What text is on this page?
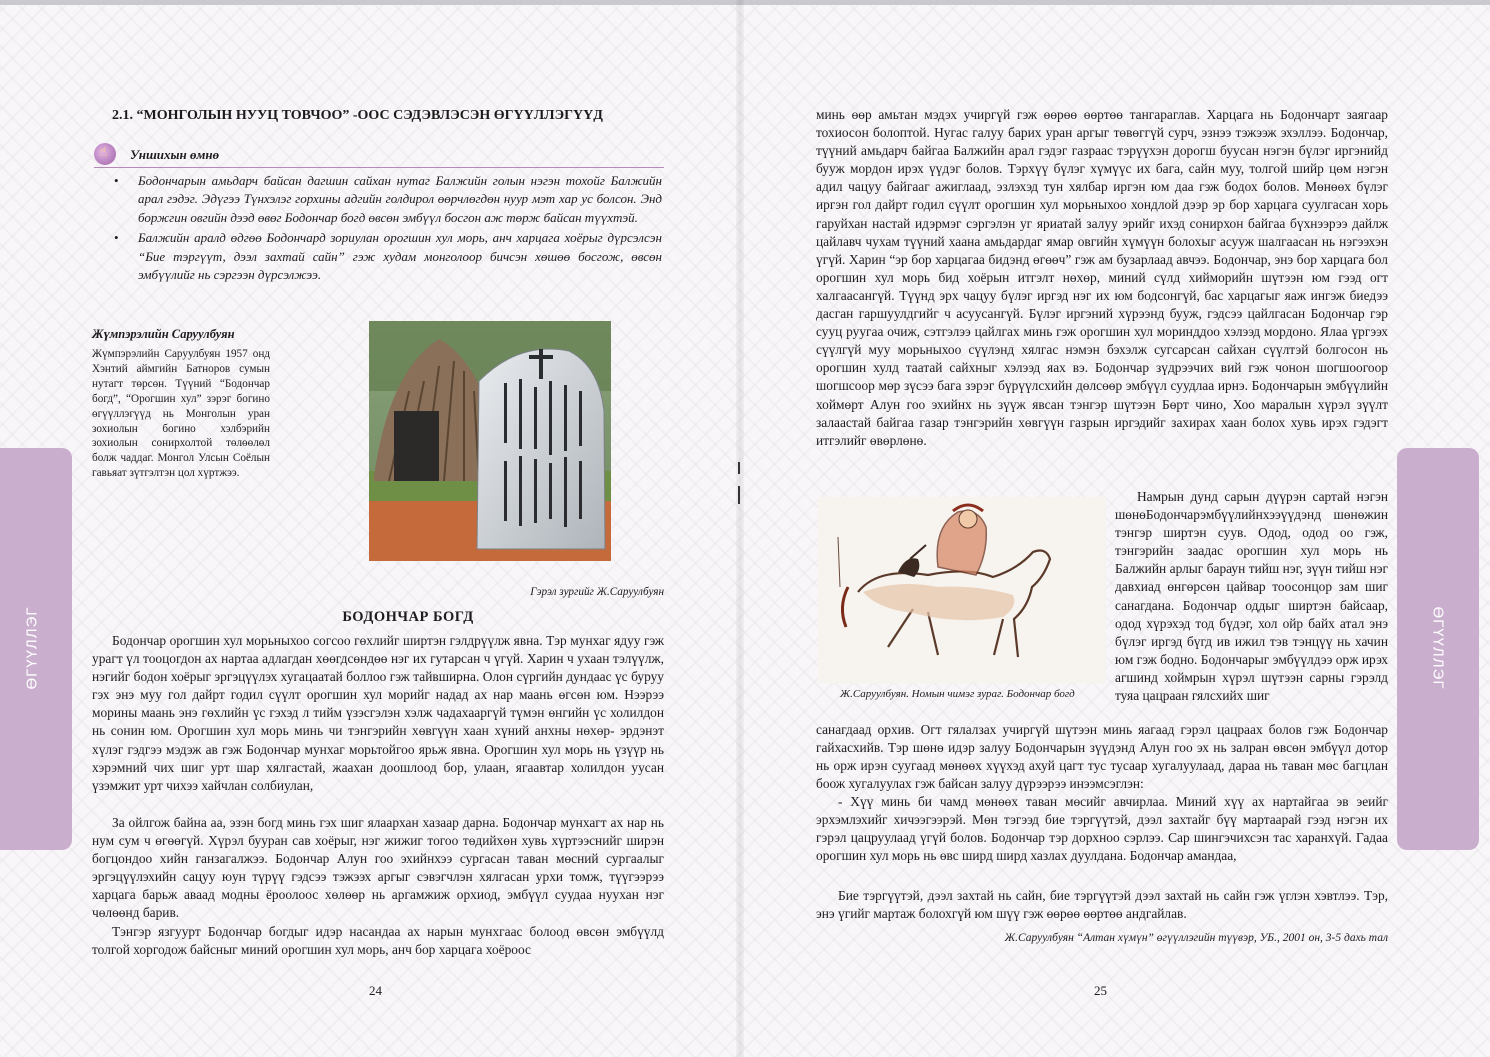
ӨГҮҮЛЛЭГ
2.1. “МОНГОЛЫН НУУЦ ТОВЧОО” -ООС СЭДЭВЛЭСЭН ӨГҮҮЛЛЭГҮҮД
☝
Уншихын өмнө
• Бодончарын амьдарч байсан дагшин сайхан нутаг Балжийн голын нэгэн тохойг Балжийн арал гэдэг. Эдүгээ Түнхэлэг горхины адгийн голдирол өөрчлөгдөн нуур мэт хар ус болсон. Энд боржгин овгийн дээд өвөг Бодончар богд өвсөн эмбүүл босгон аж төрж байсан түүхтэй.
• Балжийн аралд өдгөө Бодончард зориулан орогшин хул морь, анч харцага хоёрыг дүрсэлсэн “Бие тэргүүт, дээл захтай сайн” гэж худам монголоор бичсэн хөшөө босгож, өвсөн эмбүүлийг нь сэргээн дүрсэлжээ.
Жүмпэрэлийн Саруулбуян
Жүмпэрэлийн Саруулбуян 1957 онд Хэнтий аймгийн Батноров сумын нутагт төрсөн. Түүний “Бодончар богд”, “Орогшин хул” зэрэг богино өгүүллэгүүд нь Монголын уран зохиолын богино хэлбэрийн зохиолын сонирхолтой төлөөлөл болж чаддаг. Монгол Улсын Соёлын гавьяат зүтгэлтэн цол хүртжээ.
Гэрэл зургийг Ж.Саруулбуян
БОДОНЧАР БОГД

Бодончар орогшин хул морьныхоо согсоо гөхлийг ширтэн гэлдрүүлж явна. Тэр мунхаг ядуу гэж урагт үл тооцогдон ах нартаа адлагдан хөөгдсөндөө нэг их гутарсан ч үгүй. Харин ч ухаан тэлүүлж, нэгийг бодон хоёрыг эргэцүүлэх хугацаатай боллоо гэж тайвширна. Олон сүргийн дундаас үс буруу гэх энэ муу гол дайрт годил сүүлт орогшин хул морийг надад ах нар маань өгсөн юм. Нээрээ морины маань энэ гөхлийн үс гэхэд л тийм үзэсгэлэн хэлж чадахааргүй түмэн өнгийн үс холилдон нь сонин юм. Орогшин хул морь минь чи тэнгэрийн хөвгүүн хаан хүний анхны нөхөр- эрдэнэт хүлэг гэдгээ мэдэж ав гэж Бодончар мунхаг морьтойгоо ярьж явна. Орогшин хул морь нь үзүүр нь хэрэмний чих шиг урт шар хялгастай, жаахан доошлоод бор, улаан, ягаавтар холилдон уусан үзэмжит урт чихээ хайчлан солбиулан,

За ойлгож байна аа, эзэн богд минь гэх шиг ялаархан хазаар дарна. Бодончар мунхагт ах нар нь нум сум ч өгөөгүй. Хүрэл бууран сав хоёрыг, нэг жижиг тогоо төдийхөн хувь хүртээснийг ширэн богцондоо хийн ганзагалжээ. Бодончар Алун гоо эхийнхээ сургасан таван мөсний сургаалыг эргэцүүлэхийн сацуу юун түрүү гэдсээ тэжээх аргыг сэвэгчлэн хялгасан урхи томж, түүгээрээ харцага барьж аваад модны ёроолоос хөлөөр нь аргамжиж орхиод, эмбүүл суудаа нуухан нэг чөлөөнд барив.

Тэнгэр язгуурт Бодончар богдыг идэр насандаа ах нарын мунхгаас болоод өвсөн эмбүүлд толгой хоргодож байсныг миний орогшин хул морь, анч бор харцага хоёроос

24
ӨГҮҮЛЛЭГ

минь өөр амьтан мэдэх учиргүй гэж өөрөө өөртөө тангараглав. Харцага нь Бодончарт заягаар тохиосон болоптой. Нугас галуу барих уран аргыг төвөггүй сурч, эзнээ тэжээж эхэллээ. Бодончар, түүний амьдарч байгаа Балжийн арал гэдэг газраас тэрүүхэн дорогш буусан нэгэн бүлэг иргэнийд бууж мордон ирэх үүдэг болов. Тэрхүү бүлэг хүмүүс их бага, сайн муу, толгой шийр цөм нэгэн адил чацуу байгааг ажиглаад, эзлэхэд тун хялбар иргэн юм даа гэж бодох болов. Мөнөөх бүлэг иргэн гол дайрт годил сүүлт орогшин хул морьныхоо хондлой дээр эр бор харцага суулгасан хорь гаруйхан настай идэрмэг сэргэлэн уг яриатай залуу эрийг ихэд сонирхон байгаа бүхнээрээ дайлж цайлавч чухам түүний хаана амьдардаг ямар овгийн хүмүүн болохыг асууж шалгаасан нь нэгээхэн үгүй. Харин “эр бор харцагаа бидэнд өгөөч” гэж ам бузарлаад авчээ. Бодончар, энэ бор харцага бол орогшин хул морь бид хоёрын итгэлт нөхөр, миний сүлд хийморийн шүтээн юм гээд огт халгаасангүй. Түүнд эрх чацуу бүлэг иргэд нэг их юм бодсонгүй, бас харцагыг яаж ингэж биедээ дасган гаршуулдгийг ч асуусангүй. Бүлэг иргэний хүрээнд бууж, гэдсээ цайлгасан Бодончар гэр сууц руугаа очиж, сэтгэлээ цайлгах минь гэж орогшин хул моринддоо хэлээд мордоно. Ялаа үргээх сүүлгүй муу морьныхоо сүүлэнд хялгас нэмэн бэхэлж сугсарсан сайхан сүүлтэй болгосон нь орогшин хулд таатай сайхныг хэлээд яах вэ. Бодончар зүдрээчих вий гэж чонон шогшоогоор шогшсоор мөр зүсээ бага зэрэг бүрүүлсхийн дөлсөөр эмбүүл суудлаа ирнэ. Бодончарын эмбүүлийн хоймөрт Алун гоо эхийнх нь зүүж явсан тэнгэр шүтээн Бөрт чино, Хоо маралын хүрэл зүүлт залаастай байгаа газар тэнгэрийн хөвгүүн газрын иргэдийг захирах хаан болох хувь ирэх гэдэгт итгэлийг өвөрлөнө.

Ж.Саруулбуян. Номын чимэг зураг. Бодончар богд

Намрын дунд сарын дүүрэн сартай нэгэн шөнөБодончарэмбүүлийнхээүүдэнд шөнөжин тэнгэр ширтэн суув. Одод, одод оо гэж, тэнгэрийн заадас орогшин хул морь нь Балжийн арлыг бараун тийш нэг, зүүн тийш нэг давхиад өнгөрсөн цайвар тоосонцор зам шиг санагдана. Бодончар оддыг ширтэн байсаар, одод хүрэхэд тод бүдэг, хол ойр байх атал энэ бүлэг иргэд бүгд ив ижил тэв тэнцүү нь хачин юм гэж бодно. Бодончарыг эмбүүлдээ орж ирэх агшинд хоймрын хүрэл шүтээн сарны гэрэлд туяа цацраан гялсхийх шиг

санагдаад орхив. Огт гялалзах учиргүй шүтээн минь яагаад гэрэл цацраах болов гэж Бодончар гайхасхийв. Тэр шөнө идэр залуу Бодончарын зүүдэнд Алун гоо эх нь залран өвсөн эмбүүл дотор нь орж ирэн суугаад мөнөөх хүүхэд ахуй цагт тус тусаар хугалуулаад, дараа нь таван мөс багцлан боож хугалуулах гэж байсан залуу дүрээрээ инээмсэглэн:

- Хүү минь би чамд мөнөөх таван мөсийг авчирлаа. Миний хүү ах нартайгаа эв эеийг эрхэмлэхийг хичээгээрэй. Мөн тэгээд бие тэргүүтэй, дээл захтайг бүү мартаарай гээд нэгэн их гэрэл цацруулаад үгүй болов. Бодончар тэр дорхноо сэрлээ. Сар шингэчихсэн тас харанхүй. Гадаа орогшин хул морь нь өвс ширд ширд хазлах дуулдана. Бодончар амандаа,

Бие тэргүүтэй, дээл захтай нь сайн, бие тэргүүтэй дээл захтай нь сайн гэж үглэн хэвтлээ. Тэр, энэ үгийг мартаж болохгүй юм шүү гэж өөрөө өөртөө андгайлав.

Ж.Саруулбуян “Алтан хүмүн” өгүүллэгийн түүвэр, УБ., 2001 он, 3-5 дахь тал
25
